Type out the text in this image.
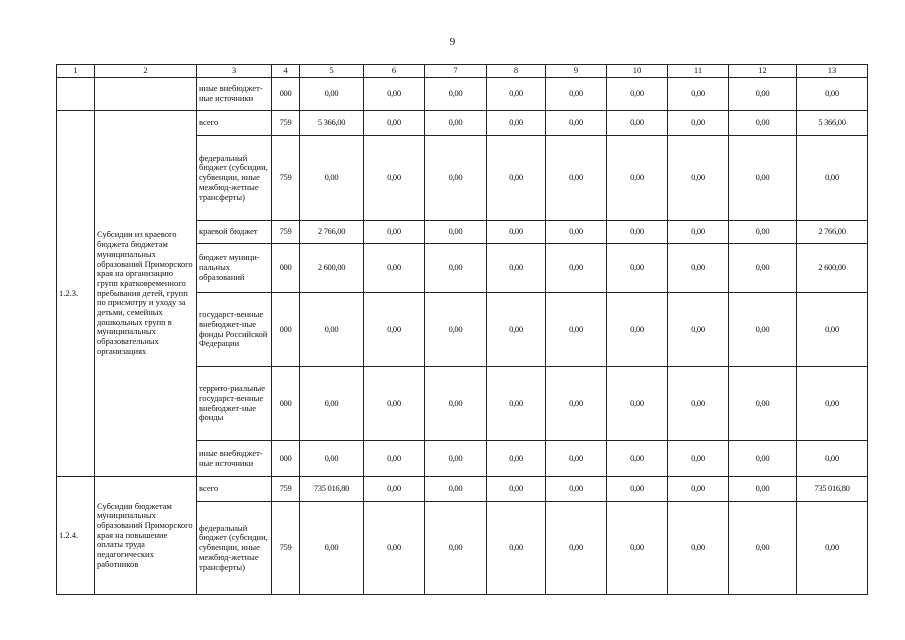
9
1	2	3	4	5	6	7	8	9	10	11	12	13
		иные внебюджет-ные источники	000	0,00	0,00	0,00	0,00	0,00	0,00	0,00	0,00	0,00
1.2.3.	Субсидии из краевого бюджета бюджетам муниципальных образований Приморского края на организацию групп кратковременного пребывания детей, групп по присмотру и уходу за детьми, семейных дошкольных групп в муниципальных образовательных организациях	всего	759	5 366,00	0,00	0,00	0,00	0,00	0,00	0,00	0,00	5 366,00
		федеральный бюджет (субсидии, субвенции, иные межбюд-жетные трансферты)	759	0,00	0,00	0,00	0,00	0,00	0,00	0,00	0,00	0,00
		краевой бюджет	759	2 766,00	0,00	0,00	0,00	0,00	0,00	0,00	0,00	2 766,00
		бюджет муници-пальных образований	000	2 600,00	0,00	0,00	0,00	0,00	0,00	0,00	0,00	2 600,00
		государст-венные внебюджет-ные фонды Российской Федерации	000	0,00	0,00	0,00	0,00	0,00	0,00	0,00	0,00	0,00
		террито-риальные государст-венные внебюджет-ные фонды	000	0,00	0,00	0,00	0,00	0,00	0,00	0,00	0,00	0,00
		иные внебюджет-ные источники	000	0,00	0,00	0,00	0,00	0,00	0,00	0,00	0,00	0,00
1.2.4.	Субсидии бюджетам муниципальных образований Приморского края на повышение оплаты труда педагогических работников	всего	759	735 016,80	0,00	0,00	0,00	0,00	0,00	0,00	0,00	735 016,80
		федеральный бюджет (субсидии, субвенции, иные межбюд-жетные трансферты)	759	0,00	0,00	0,00	0,00	0,00	0,00	0,00	0,00	0,00
